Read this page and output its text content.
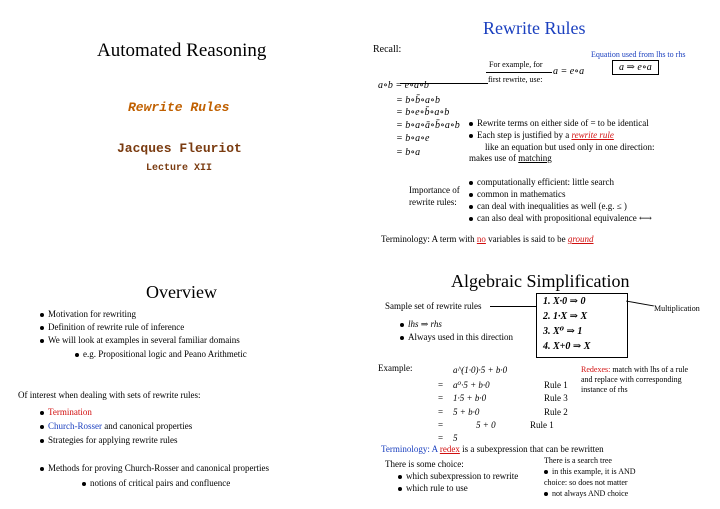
Automated Reasoning
Rewrite Rules
Jacques Fleuriot
Lecture XII
Rewrite Rules
Recall:	Equation used from lhs to rhs
For example, for
first rewrite, use:
a = e∘a	a ⇒ e∘a
a∘b = e∘a∘b
= b∘b̄∘a∘b
= b∘e∘b̄∘a∘b
= b∘a∘ā∘b̄∘a∘b
= b∘a∘e
= b∘a
Rewrite terms on either side of = to be identical
Each step is justified by a rewrite rule
like an equation but used only in one direction:
makes use of matching
Importance of
rewrite rules:
computationally efficient: little search
common in mathematics
can deal with inequalities as well (e.g. ≤ )
can also deal with propositional equivalence ⟷
Terminology: A term with no variables is said to be ground
Overview
Motivation for rewriting
Definition of rewrite rule of inference
We will look at examples in several familiar domains
e.g. Propositional logic and Peano Arithmetic
Of interest when dealing with sets of rewrite rules:
Termination
Church-Rosser and canonical properties
Strategies for applying rewrite rules
Methods for proving Church-Rosser and canonical properties
notions of critical pairs and confluence
Algebraic Simplification
Sample set of rewrite rules
lhs ⇒ rhs
Always used in this direction
1. X·0 ⇒ 0
2. 1·X ⇒ X
3. X⁰ ⇒ 1
4. X+0 ⇒ X
Multiplication
Example:	a^(1·0)·5 + b·0
= a⁰·5 + b·0	Rule 1
= 1·5 + b·0	Rule 3
= 5 + b·0	Rule 2
=	5 + 0	Rule 1
= 5
Redexes: match with lhs of a rule
and replace with corresponding
instance of rhs
Terminology: A redex is a subexpression that can be rewritten
There is some choice:
which subexpression to rewrite
which rule to use
There is a search tree
in this example, it is AND
choice: so does not matter
not always AND choice
